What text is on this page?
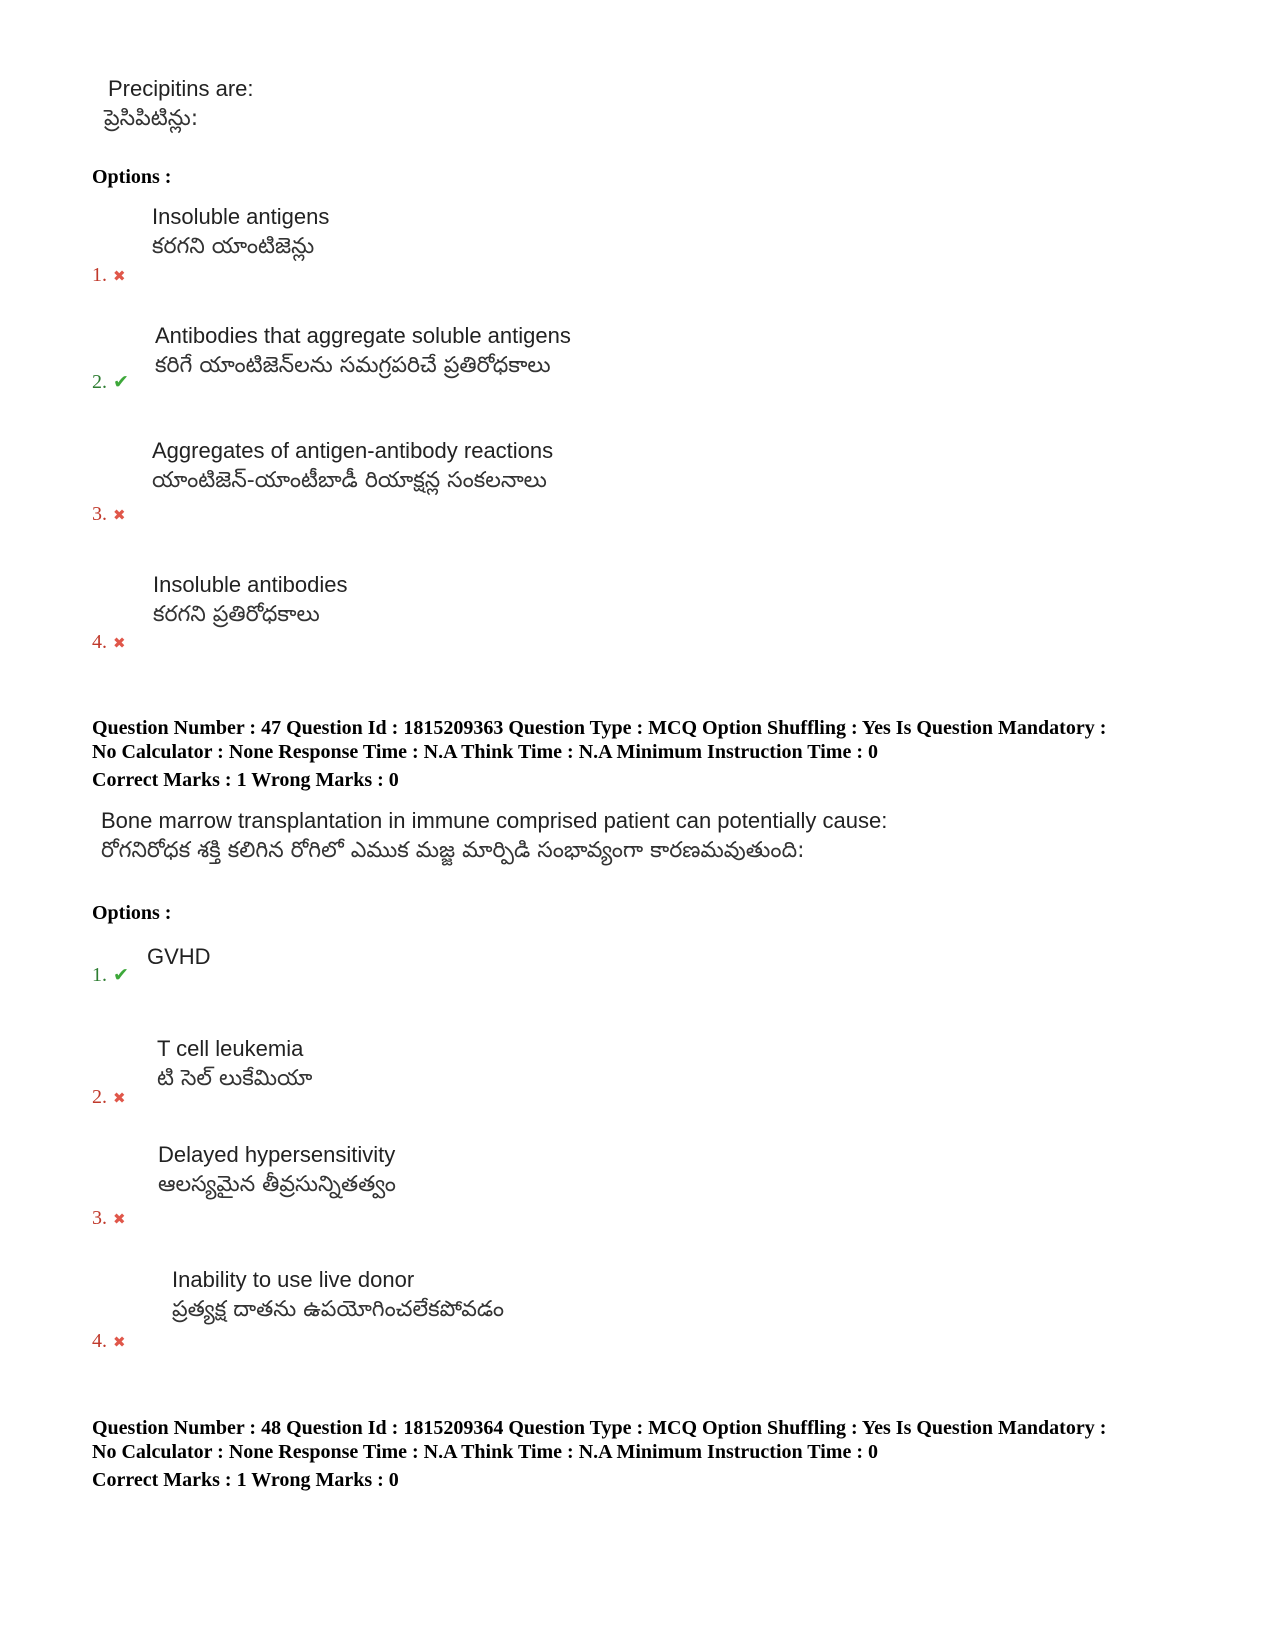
Precipitins are:
ప్రెసిపిటిన్లు:
Options :
Insoluble antigens
కరగని యాంటిజెన్లు
1. ✖
Antibodies that aggregate soluble antigens
కరిగే యాంటిజెన్‌లను సమగ్రపరిచే ప్రతిరోధకాలు
2. ✔
Aggregates of antigen-antibody reactions
యాంటిజెన్-యాంటీబాడీ రియాక్షన్ల సంకలనాలు
3. ✖
Insoluble antibodies
కరగని ప్రతిరోధకాలు
4. ✖
Question Number : 47 Question Id : 1815209363 Question Type : MCQ Option Shuffling : Yes Is Question Mandatory :
No Calculator : None Response Time : N.A Think Time : N.A Minimum Instruction Time : 0
Correct Marks : 1 Wrong Marks : 0
Bone marrow transplantation in immune comprised patient can potentially cause:
రోగనిరోధక శక్తి కలిగిన రోగిలో ఎముక మజ్జ మార్పిడి సంభావ్యంగా కారణమవుతుంది:
Options :
GVHD
1. ✔
T cell leukemia
టి సెల్ లుకేమియా
2. ✖
Delayed hypersensitivity
ఆలస్యమైన తీవ్రసున్నితత్వం
3. ✖
Inability to use live donor
ప్రత్యక్ష దాతను ఉపయోగించలేకపోవడం
4. ✖
Question Number : 48 Question Id : 1815209364 Question Type : MCQ Option Shuffling : Yes Is Question Mandatory :
No Calculator : None Response Time : N.A Think Time : N.A Minimum Instruction Time : 0
Correct Marks : 1 Wrong Marks : 0
